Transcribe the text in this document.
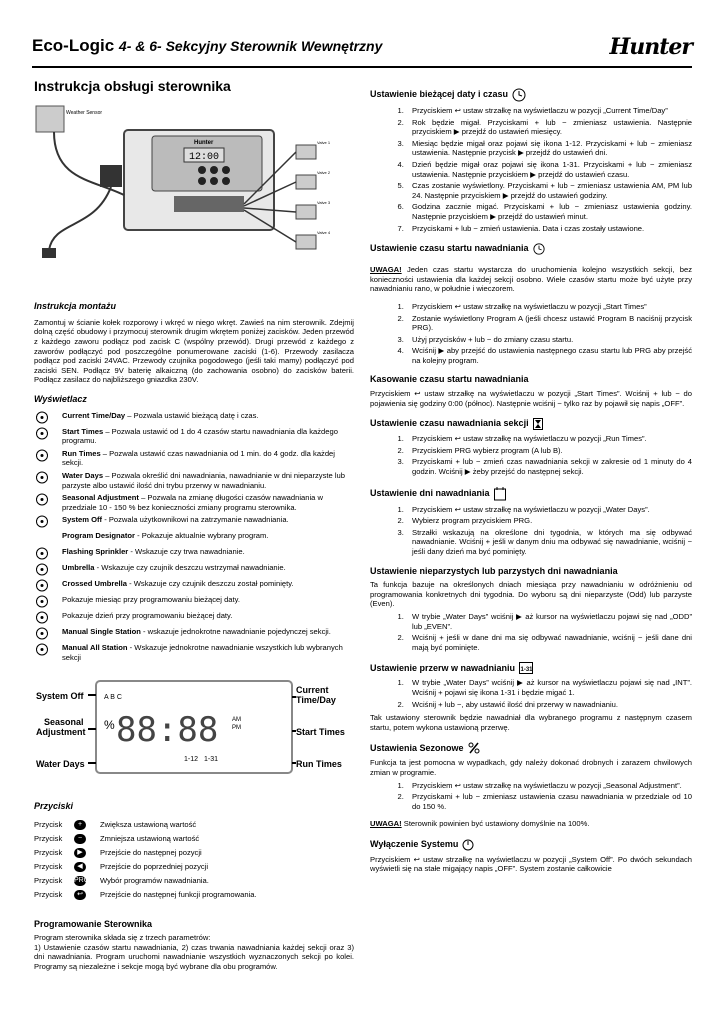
Eco-Logic 4- & 6- Sekcyjny Sterownik Wewnętrzny	Hunter
Instrukcja obsługi sterownika
Weather Sensor
Hunter
12:00
Valve 1
Valve 2
Valve 3
Valve 4
Instrukcja montażu

Zamontuj w ścianie kołek rozporowy i wkręć w niego wkręt. Zawieś na nim sterownik. Zdejmij dolną część obudowy i przymocuj sterownik drugim wkrętem poniżej zacisków. Jeden przewód z każdego zaworu podłącz pod zacisk C (wspólny przewód). Drugi przewód z każdego z zaworów podłączyć pod poszczególne ponumerowane zaciski (1-6). Przewody zasilacza podłącz pod zaciski 24VAC. Przewody czujnika pogodowego (jeśli taki mamy) podłączyć pod zaciski SEN. Podłącz 9V baterię alkaiczną (do zachowania osobno) do zacisków baterii. Podłącz zasilacz do najbliższego gniazdka 230V.

Wyświetlacz
Current Time/Day – Pozwala ustawić bieżącą datę i czas.
Start Times – Pozwala ustawić od 1 do 4 czasów startu nawadniania dla każdego programu.
Run Times – Pozwala ustawić czas nawadniania od 1 min. do 4 godz. dla każdej sekcji.
Water Days – Pozwala określić dni nawadniania, nawadnianie w dni nieparzyste lub parzyste albo ustawić ilość dni trybu przerwy w nawadnianiu.
Seasonal Adjustment – Pozwala na zmianę długości czasów nawadniania w przedziale 10 - 150 % bez konieczności zmiany programu sterownika.
System Off - Pozwala użytkownikowi na zatrzymanie nawadniania.
Program Designator - Pokazuje aktualnie wybrany program.
Flashing Sprinkler - Wskazuje czy trwa nawadnianie.
Umbrella - Wskazuje czy czujnik deszczu wstrzymał nawadnianie.
Crossed Umbrella - Wskazuje czy czujnik deszczu został pominięty.
Pokazuje miesiąc przy programowaniu bieżącej daty.
Pokazuje dzień przy programowaniu bieżącej daty.
Manual Single Station - wskazuje jednokrotne nawadnianie pojedynczej sekcji.
Manual All Station - Wskazuje jednokrotne nawadnianie wszystkich lub wybranych sekcji
System Off
Seasonal
Adjustment
Water Days
Current
Time/Day
Start Times
Run Times
88:88 AM
PM
A B C
%
1-12 1-31
Przyciski
Przycisk	+	Zwiększa ustawioną wartość
Przycisk	−	Zmniejsza ustawioną wartość
Przycisk	▶	Przejście do następnej pozycji
Przycisk	◀	Przejście do poprzedniej pozycji
Przycisk	PRG	Wybór programów nawadniania.
Przycisk	↩	Przejście do następnej funkcji programowania.
Programowanie Sterownika

Program sterownika składa się z trzech parametrów:
1) Ustawienie czasów startu nawadniania, 2) czas trwania nawadniania każdej sekcji oraz 3) dni nawadniania. Program uruchomi nawadnianie wszystkich wyznaczonych sekcji po kolei. Programy są niezależne i sekcje mogą być wybrane dla obu programów.

Ustawienie bieżącej daty i czasu
1. Przyciskiem ↩ ustaw strzałkę na wyświetlaczu w pozycji „Current Time/Day”
2. Rok będzie migał. Przyciskami + lub − zmieniasz ustawienia. Następnie przyciskiem ▶ przejdź do ustawień miesięcy.
3. Miesiąc będzie migał oraz pojawi się ikona 1-12. Przyciskami + lub − zmieniasz ustawienia. Następnie przycisk ▶ przejdź do ustawień dni.
4. Dzień będzie migał oraz pojawi się ikona 1-31. Przyciskami + lub − zmieniasz ustawienia. Następnie przyciskiem ▶ przejdź do ustawień czasu.
5. Czas zostanie wyświetlony. Przyciskami + lub − zmieniasz ustawienia AM, PM lub 24. Następnie przyciskiem ▶ przejdź do ustawień godziny.
6. Godzina zacznie migać. Przyciskami + lub − zmieniasz ustawienia godziny. Następnie przyciskiem ▶ przejdź do ustawień minut.
7. Przyciskami + lub − zmień ustawienia. Data i czas zostały ustawione.
Ustawienie czasu startu nawadniania

UWAGA! Jeden czas startu wystarcza do uruchomienia kolejno wszystkich sekcji, bez konieczności ustawienia dla każdej sekcji osobno. Wiele czasów startu może być użyte przy nawadnianiu rano, w południe i wieczorem.

1. Przyciskiem ↩ ustaw strzałkę na wyświetlaczu w pozycji „Start Times”
2. Zostanie wyświetlony Program A (jeśli chcesz ustawić Program B naciśnij przycisk PRG).
3. Użyj przycisków + lub − do zmiany czasu startu.
4. Wciśnij ▶ aby przejść do ustawienia następnego czasu startu lub PRG aby przejść na kolejny program.
Kasowanie czasu startu nawadniania

Przyciskiem ↩ ustaw strzałkę na wyświetlaczu w pozycji „Start Times”. Wciśnij + lub − do pojawienia się godziny 0:00 (północ). Następnie wciśnij − tylko raz by pojawił się napis „OFF”.

Ustawienie czasu nawadniania sekcji
1. Przyciskiem ↩ ustaw strzałkę na wyświetlaczu w pozycji „Run Times”.
2. Przyciskiem PRG wybierz program (A lub B).
3. Przyciskami + lub − zmień czas nawadniania sekcji w zakresie od 1 minuty do 4 godzin. Wciśnij ▶ żeby przejść do następnej sekcji.
Ustawienie dni nawadniania
1. Przyciskiem ↩ ustaw strzałkę na wyświetlaczu w pozycji „Water Days”.
2. Wybierz program przyciskiem PRG.
3. Strzałki wskazują na określone dni tygodnia, w których ma się odbywać nawadnianie. Wciśnij + jeśli w danym dniu ma odbywać się nawadnianie, wciśnij − jeśli dany dzień ma być pominięty.
Ustawienie nieparzystych lub parzystych dni nawadniania

Ta funkcja bazuje na określonych dniach miesiąca przy nawadnianiu w odróżnieniu od programowania konkretnych dni tygodnia. Do wyboru są dni nieparzyste (Odd) lub parzyste (Even).

1. W trybie „Water Days” wciśnij ▶ aż kursor na wyświetlaczu pojawi się nad „ODD” lub „EVEN”.
2. Wciśnij + jeśli w dane dni ma się odbywać nawadnianie, wciśnij − jeśli dane dni mają być pominięte.
Ustawienie przerw w nawadnianiu 1-31
1. W trybie „Water Days” wciśnij ▶ aż kursor na wyświetlaczu pojawi się nad „INT”. Wciśnij + pojawi się ikona 1-31 i będzie migać 1.
2. Wciśnij + lub −, aby ustawić ilość dni przerwy w nawadnianiu.

Tak ustawiony sterownik będzie nawadniał dla wybranego programu z następnym czasem startu, potem wykona ustawioną przerwę.

Ustawienia Sezonowe

Funkcja ta jest pomocna w wypadkach, gdy należy dokonać drobnych i zarazem chwilowych zmian w programie.

1. Przyciskiem ↩ ustaw strzałkę na wyświetlaczu w pozycji „Seasonal Adjustment”.
2. Przyciskami + lub − zmieniasz ustawienia czasu nawadniania w przedziale od 10 do 150 %.

UWAGA! Sterownik powinien być ustawiony domyślnie na 100%.

Wyłączenie Systemu

Przyciskiem ↩ ustaw strzałkę na wyświetlaczu w pozycji „System Off”. Po dwóch sekundach wyświetli się na stałe migający napis „OFF”. System zostanie całkowicie
